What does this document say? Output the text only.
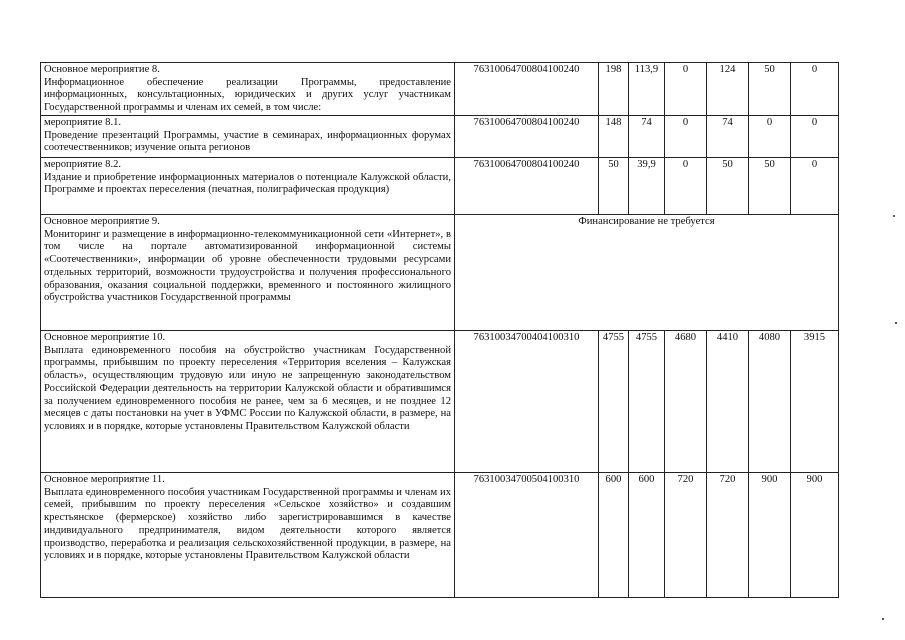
Основное мероприятие 8.
Информационное обеспечение реализации Программы, предоставление информационных, консультационных, юридических и других услуг участникам Государственной программы и членам их семей, в том числе:	76310064700804100240	198	113,9	0	124	50	0

мероприятие 8.1.
Проведение презентаций Программы, участие в семинарах, информационных форумах соотечественников; изучение опыта регионов	76310064700804100240	148	74	0	74	0	0

мероприятие 8.2.
Издание и приобретение информационных материалов о потенциале Калужской области, Программе и проектах переселения (печатная, полиграфическая продукция)	76310064700804100240	50	39,9	0	50	50	0

Основное мероприятие 9.
Мониторинг и размещение в информационно-телекоммуникационной сети «Интернет», в том числе на портале автоматизированной информационной системы «Соотечественники», информации об уровне обеспеченности трудовыми ресурсами отдельных территорий, возможности трудоустройства и получения профессионального образования, оказания социальной поддержки, временного и постоянного жилищного обустройства участников Государственной программы	Финансирование не требуется						

Основное мероприятие 10.
Выплата единовременного пособия на обустройство участникам Государственной программы, прибывшим по проекту переселения «Территория вселения – Калужская область», осуществляющим трудовую или иную не запрещенную законодательством Российской Федерации деятельность на территории Калужской области и обратившимся за получением единовременного пособия не ранее, чем за 6 месяцев, и не позднее 12 месяцев с даты постановки на учет в УФМС России по Калужской области, в размере, на условиях и в порядке, которые установлены Правительством Калужской области	76310034700404100310	4755	4755	4680	4410	4080	3915

Основное мероприятие 11.
Выплата единовременного пособия участникам Государственной программы и членам их семей, прибывшим по проекту переселения «Сельское хозяйство» и создавшим крестьянское (фермерское) хозяйство либо зарегистрировавшимся в качестве индивидуального предпринимателя, видом деятельности которого является производство, переработка и реализация сельскохозяйственной продукции, в размере, на условиях и в порядке, которые установлены Правительством Калужской области	76310034700504100310	600	600	720	720	900	900
